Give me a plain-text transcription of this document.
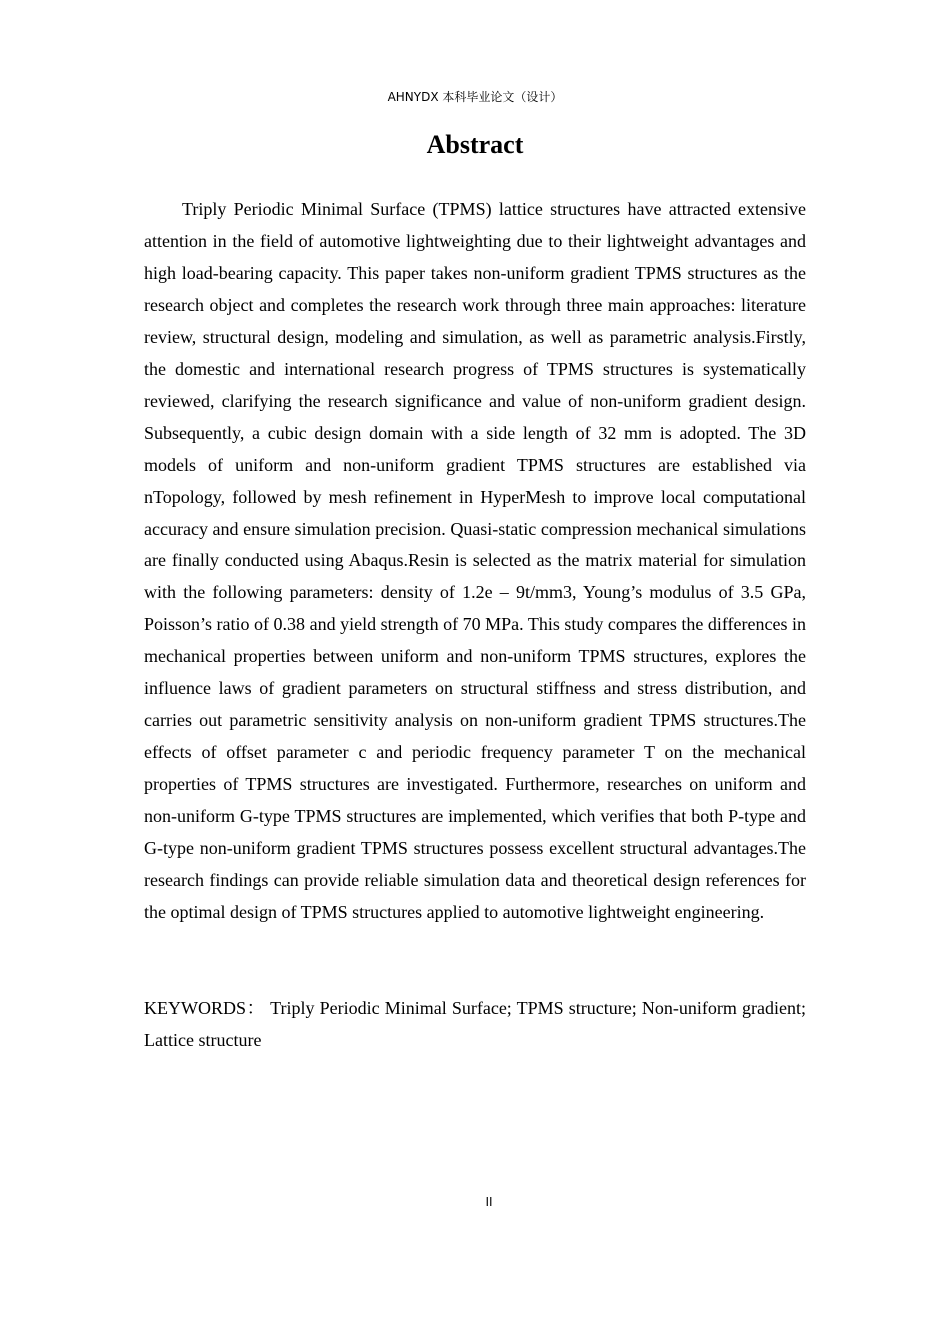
AHNYDX 本科毕业论文（设计）
Abstract

Triply Periodic Minimal Surface (TPMS) lattice structures have attracted extensive attention in the field of automotive lightweighting due to their lightweight advantages and high load-bearing capacity. This paper takes non-uniform gradient TPMS structures as the research object and completes the research work through three main approaches: literature review, structural design, modeling and simulation, as well as parametric analysis.Firstly, the domestic and international research progress of TPMS structures is systematically reviewed, clarifying the research significance and value of non-uniform gradient design. Subsequently, a cubic design domain with a side length of 32 mm is adopted. The 3D models of uniform and non-uniform gradient TPMS structures are established via nTopology, followed by mesh refinement in HyperMesh to improve local computational accuracy and ensure simulation precision. Quasi-static compression mechanical simulations are finally conducted using Abaqus.Resin is selected as the matrix material for simulation with the following parameters: density of 1.2e – 9t/mm3, Young’s modulus of 3.5 GPa, Poisson’s ratio of 0.38 and yield strength of 70 MPa. This study compares the differences in mechanical properties between uniform and non-uniform TPMS structures, explores the influence laws of gradient parameters on structural stiffness and stress distribution, and carries out parametric sensitivity analysis on non-uniform gradient TPMS structures.The effects of offset parameter c and periodic frequency parameter T on the mechanical properties of TPMS structures are investigated. Furthermore, researches on uniform and non-uniform G-type TPMS structures are implemented, which verifies that both P-type and G-type non-uniform gradient TPMS structures possess excellent structural advantages.The research findings can provide reliable simulation data and theoretical design references for the optimal design of TPMS structures applied to automotive lightweight engineering.

KEYWORDS： Triply Periodic Minimal Surface; TPMS structure; Non-uniform gradient; Lattice structure

II
